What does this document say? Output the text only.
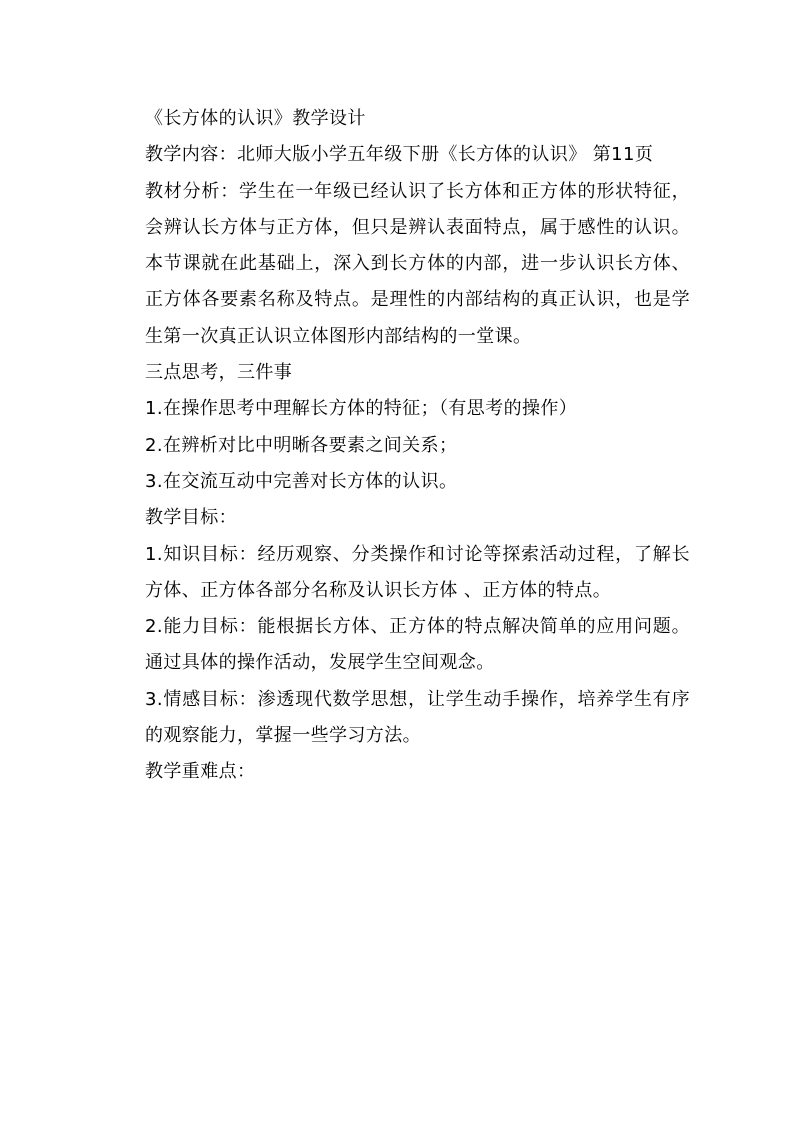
《长方体的认识》教学设计

教学内容：北师大版小学五年级下册《长方体的认识》 第11页

教材分析：学生在一年级已经认识了长方体和正方体的形状特征，会辨认长方体与正方体，但只是辨认表面特点，属于感性的认识。本节课就在此基础上，深入到长方体的内部，进一步认识长方体、正方体各要素名称及特点。是理性的内部结构的真正认识，也是学生第一次真正认识立体图形内部结构的一堂课。

三点思考，三件事

1.在操作思考中理解长方体的特征；（有思考的操作）

2.在辨析对比中明晰各要素之间关系；

3.在交流互动中完善对长方体的认识。

教学目标：

1.知识目标：经历观察、分类操作和讨论等探索活动过程，了解长方体、正方体各部分名称及认识长方体 、正方体的特点。

2.能力目标：能根据长方体、正方体的特点解决简单的应用问题。通过具体的操作活动，发展学生空间观念。

3.情感目标：渗透现代数学思想，让学生动手操作，培养学生有序的观察能力，掌握一些学习方法。

教学重难点：
